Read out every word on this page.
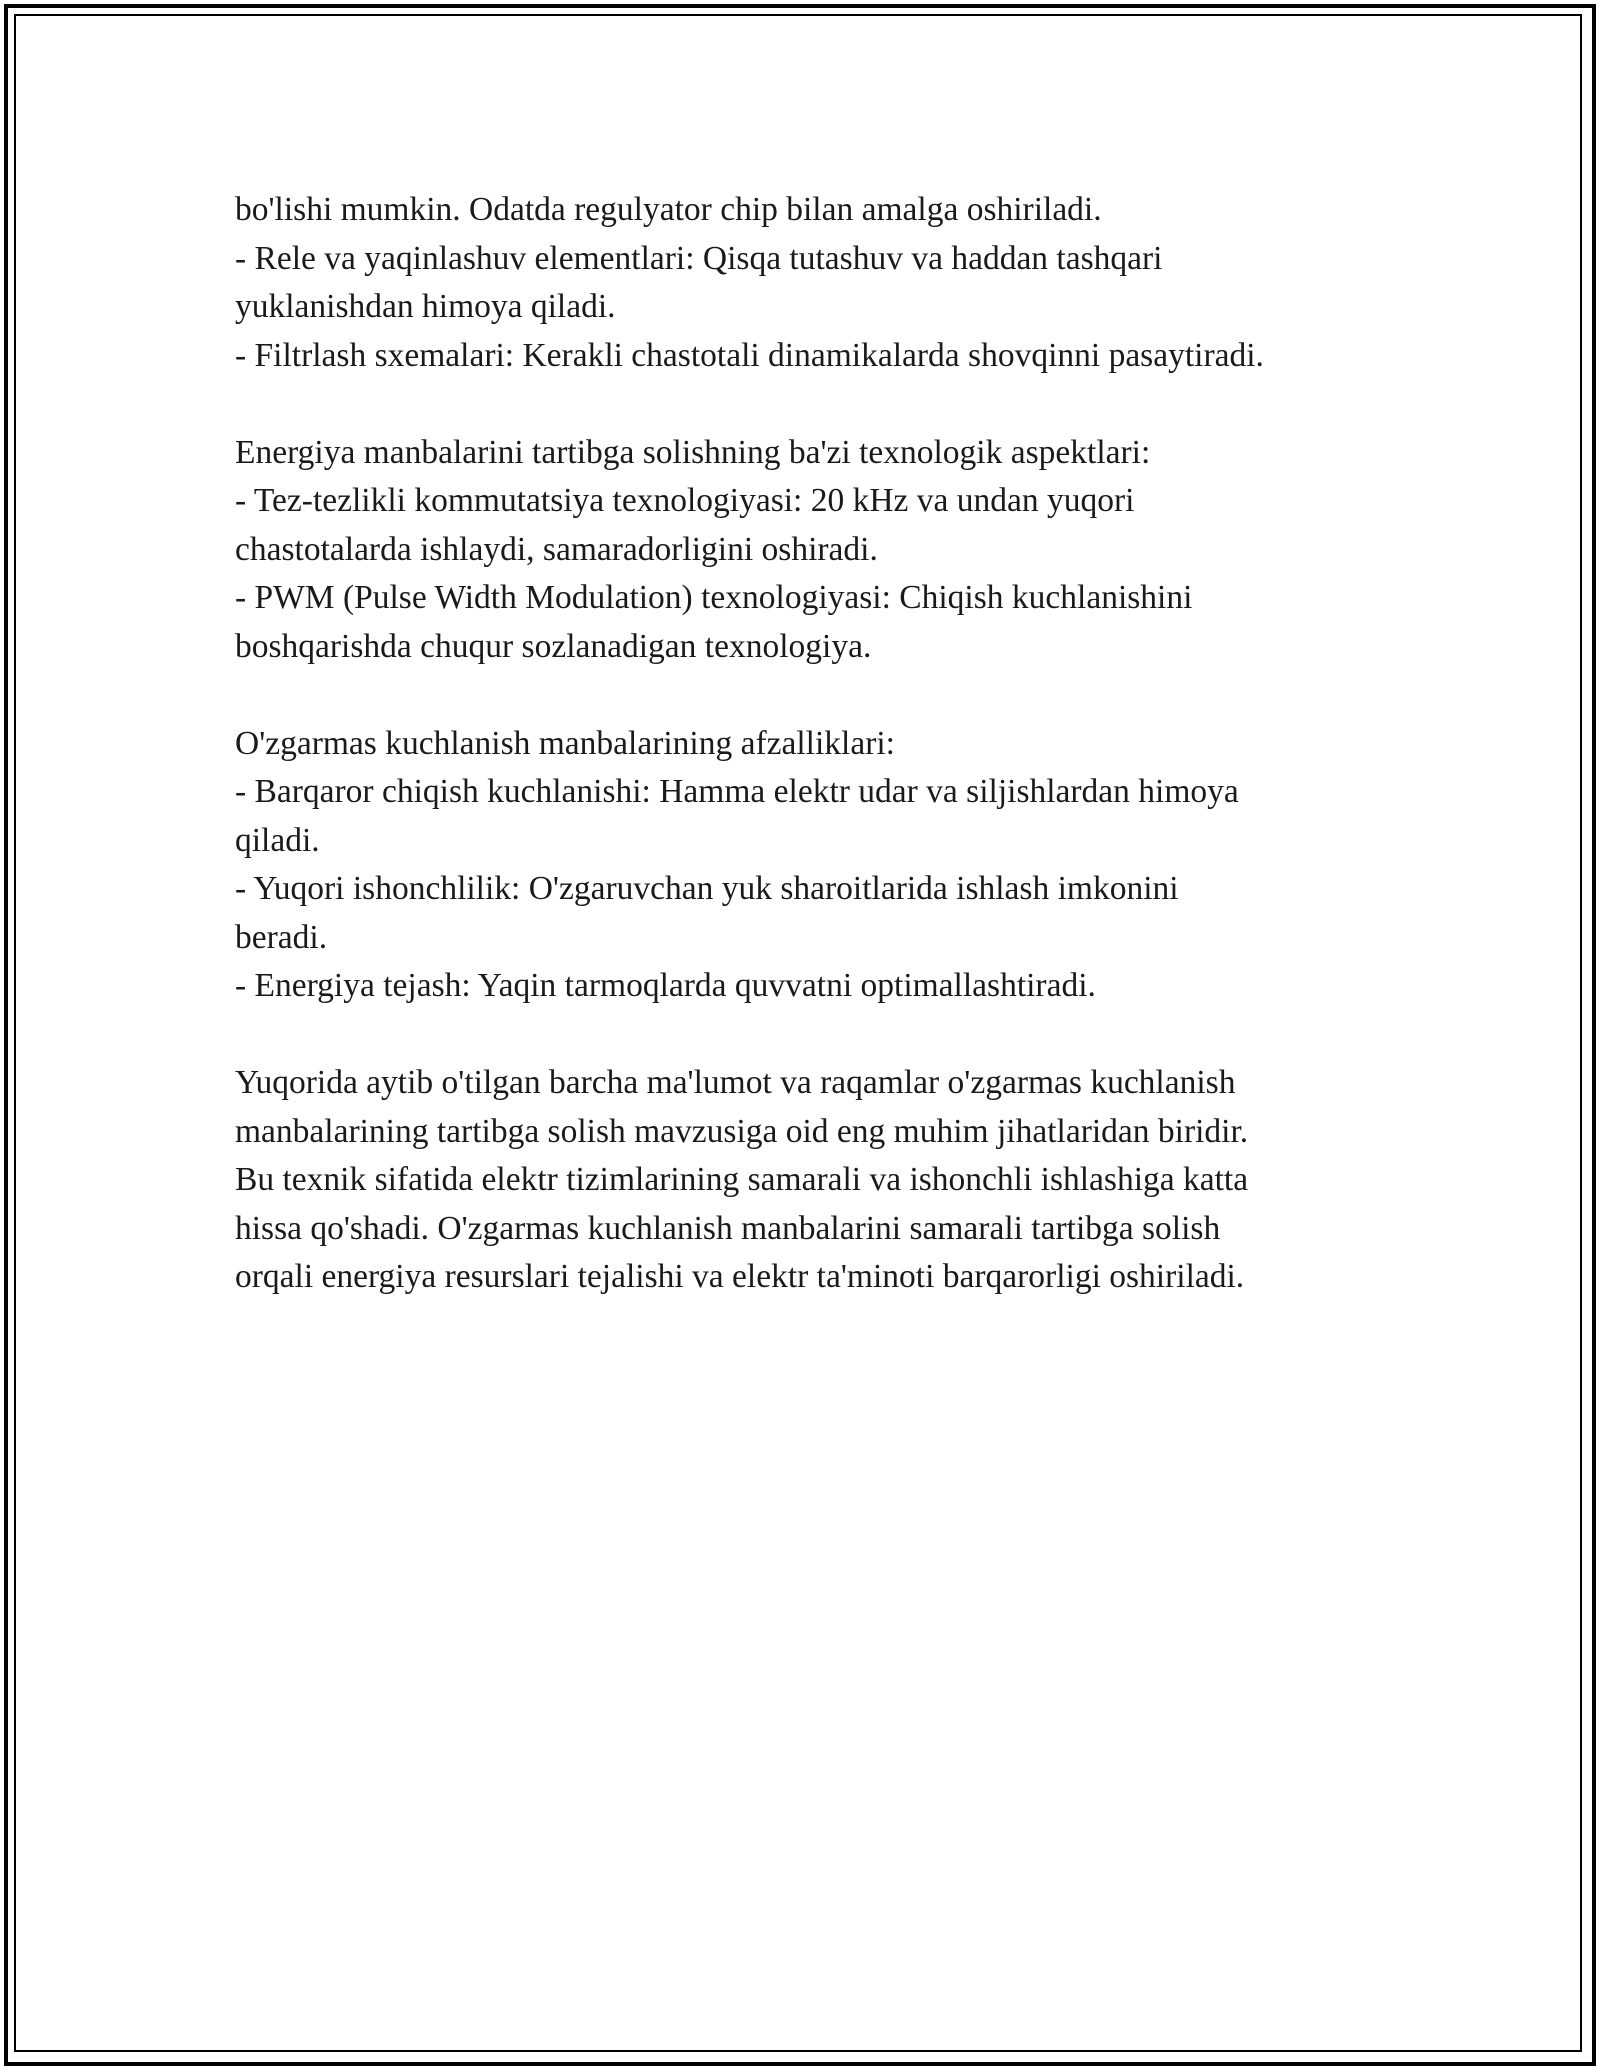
bo'lishi mumkin. Odatda regulyator chip bilan amalga oshiriladi.
- Rele va yaqinlashuv elementlari: Qisqa tutashuv va haddan tashqari
yuklanishdan himoya qiladi.
- Filtrlash sxemalari: Kerakli chastotali dinamikalarda shovqinni pasaytiradi.
Energiya manbalarini tartibga solishning ba'zi texnologik aspektlari:
- Tez-tezlikli kommutatsiya texnologiyasi: 20 kHz va undan yuqori
chastotalarda ishlaydi, samaradorligini oshiradi.
- PWM (Pulse Width Modulation) texnologiyasi: Chiqish kuchlanishini
boshqarishda chuqur sozlanadigan texnologiya.
O'zgarmas kuchlanish manbalarining afzalliklari:
- Barqaror chiqish kuchlanishi: Hamma elektr udar va siljishlardan himoya
qiladi.
- Yuqori ishonchlilik: O'zgaruvchan yuk sharoitlarida ishlash imkonini
beradi.
- Energiya tejash: Yaqin tarmoqlarda quvvatni optimallashtiradi.
Yuqorida aytib o'tilgan barcha ma'lumot va raqamlar o'zgarmas kuchlanish
manbalarining tartibga solish mavzusiga oid eng muhim jihatlaridan biridir.
Bu texnik sifatida elektr tizimlarining samarali va ishonchli ishlashiga katta
hissa qo'shadi. O'zgarmas kuchlanish manbalarini samarali tartibga solish
orqali energiya resurslari tejalishi va elektr ta'minoti barqarorligi oshiriladi.
